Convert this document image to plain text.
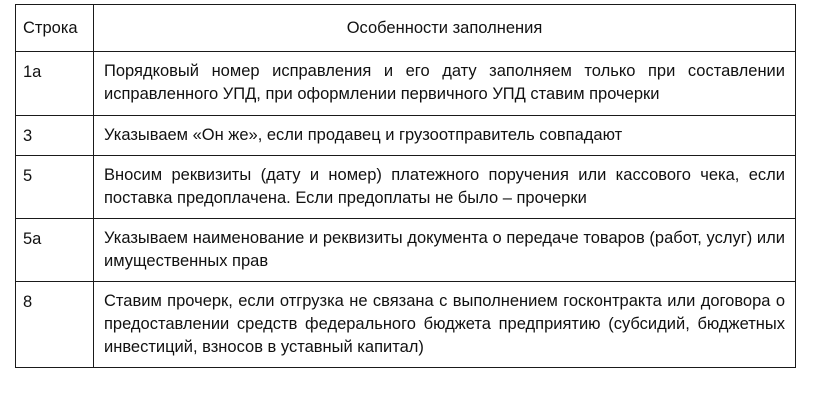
Строка	Особенности заполнения
1а	Порядковый номер исправления и его дату заполняем только при составлении исправленного УПД, при оформлении первичного УПД ставим прочерки
3	Указываем «Он же», если продавец и грузоотправитель совпадают
5	Вносим реквизиты (дату и номер) платежного поручения или кассового чека, если поставка предоплачена. Если предоплаты не было – прочерки
5а	Указываем наименование и реквизиты документа о передаче товаров (работ, услуг) или имущественных прав
8	Ставим прочерк, если отгрузка не связана с выполнением госконтракта или договора о предоставлении средств федерального бюджета предприятию (субсидий, бюджетных инвестиций, взносов в уставный капитал)
